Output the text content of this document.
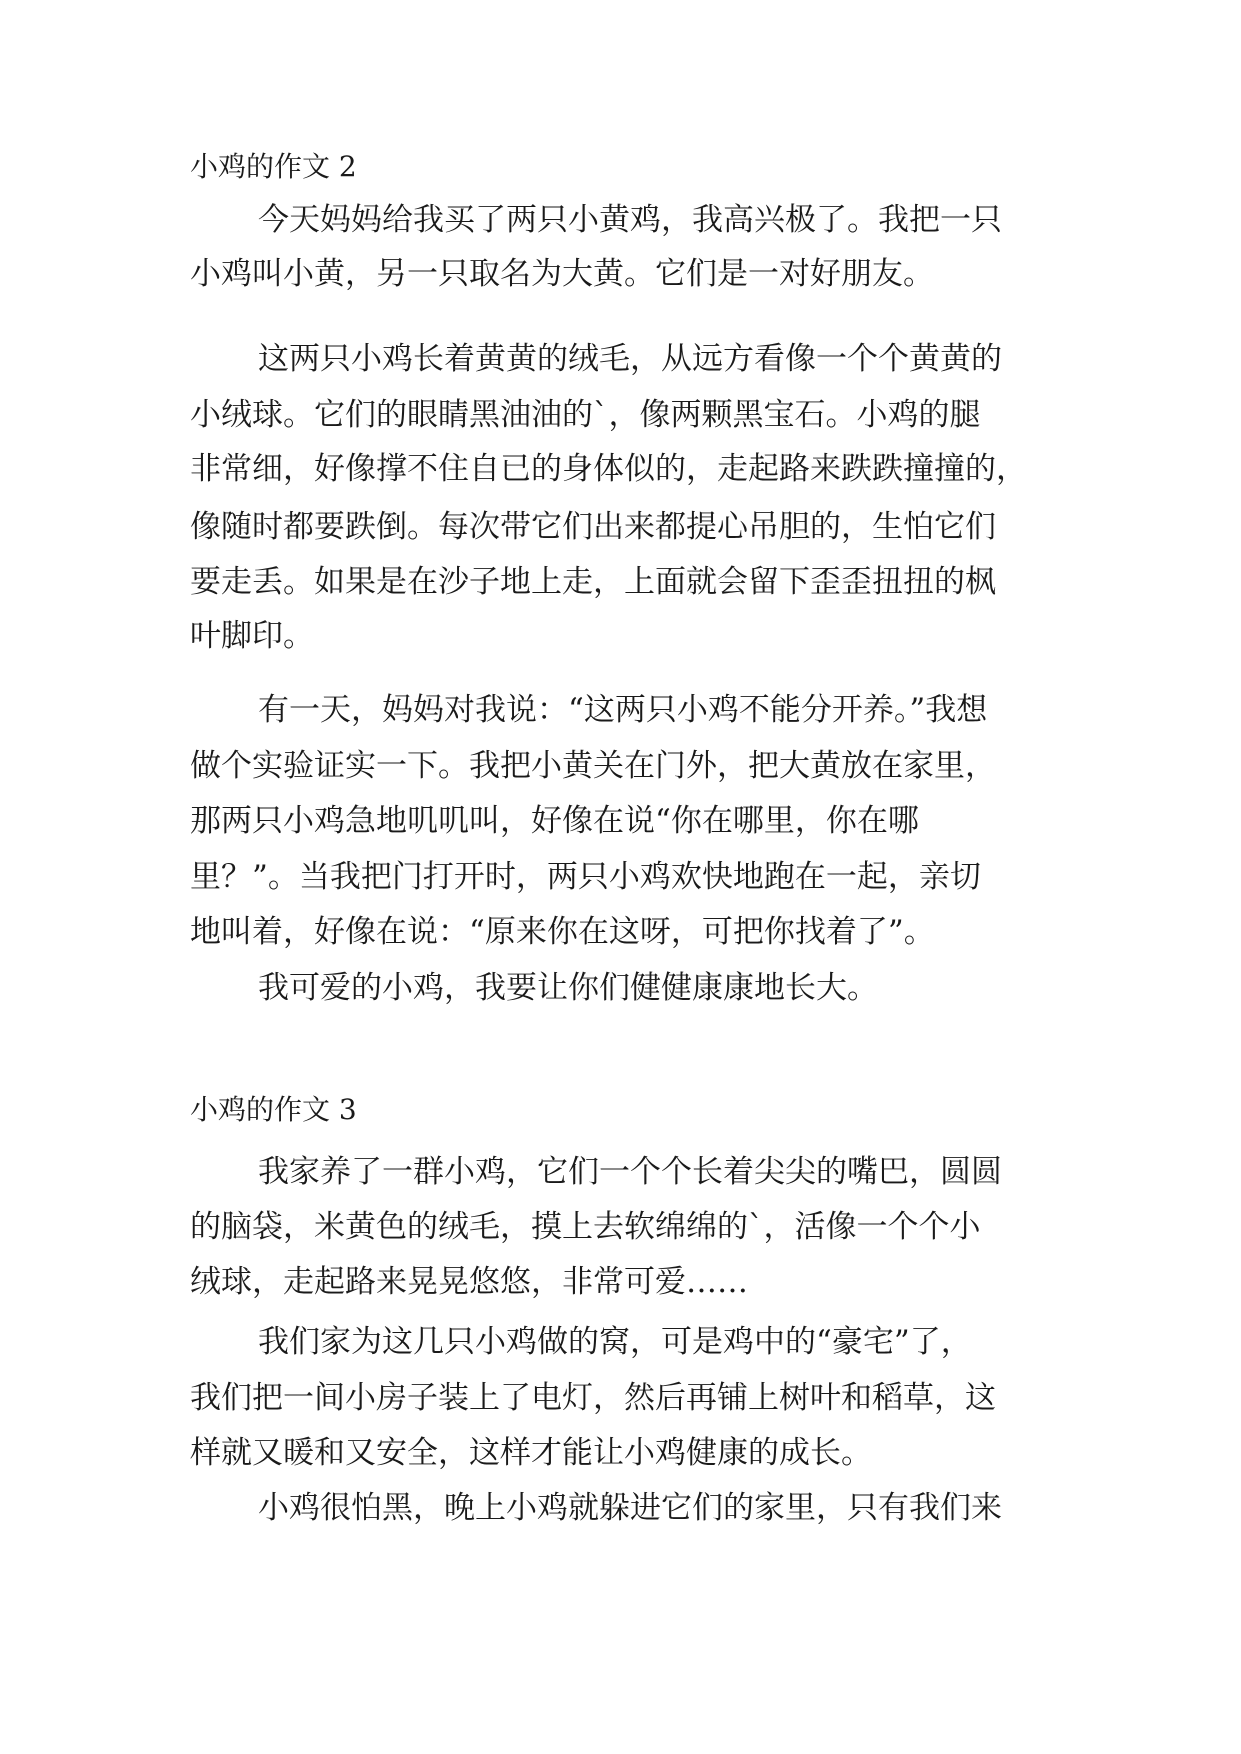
小鸡的作文 2
今天妈妈给我买了两只小黄鸡，我高兴极了。我把一只
小鸡叫小黄，另一只取名为大黄。它们是一对好朋友。
这两只小鸡长着黄黄的绒毛，从远方看像一个个黄黄的
小绒球。它们的眼睛黑油油的`，像两颗黑宝石。小鸡的腿
非常细，好像撑不住自已的身体似的，走起路来跌跌撞撞的，
像随时都要跌倒。每次带它们出来都提心吊胆的，生怕它们
要走丢。如果是在沙子地上走，上面就会留下歪歪扭扭的枫
叶脚印。
有一天，妈妈对我说：“这两只小鸡不能分开养。”我想
做个实验证实一下。我把小黄关在门外，把大黄放在家里，
那两只小鸡急地叽叽叫，好像在说“你在哪里，你在哪
里？”。当我把门打开时，两只小鸡欢快地跑在一起，亲切
地叫着，好像在说：“原来你在这呀，可把你找着了”。
我可爱的小鸡，我要让你们健健康康地长大。
小鸡的作文 3
我家养了一群小鸡，它们一个个长着尖尖的嘴巴，圆圆
的脑袋，米黄色的绒毛，摸上去软绵绵的`，活像一个个小
绒球，走起路来晃晃悠悠，非常可爱……
我们家为这几只小鸡做的窝，可是鸡中的“豪宅”了，
我们把一间小房子装上了电灯，然后再铺上树叶和稻草，这
样就又暖和又安全，这样才能让小鸡健康的成长。
小鸡很怕黑，晚上小鸡就躲进它们的家里，只有我们来
